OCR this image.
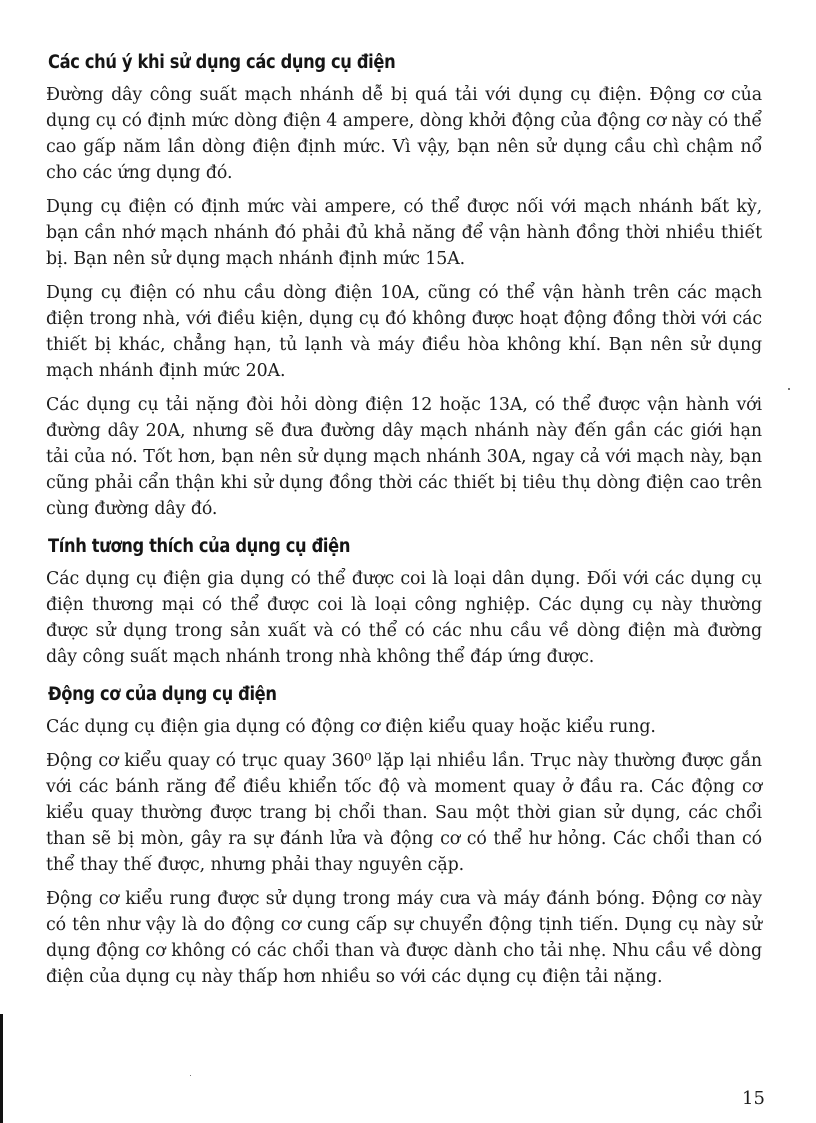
Các chú ý khi sử dụng các dụng cụ điện

Đường dây công suất mạch nhánh dễ bị quá tải với dụng cụ điện. Động cơ của dụng cụ có định mức dòng điện 4 ampere, dòng khởi động của động cơ này có thể cao gấp năm lần dòng điện định mức. Vì vậy, bạn nên sử dụng cầu chì chậm nổ cho các ứng dụng đó.

Dụng cụ điện có định mức vài ampere, có thể được nối với mạch nhánh bất kỳ, bạn cần nhớ mạch nhánh đó phải đủ khả năng để vận hành đồng thời nhiều thiết bị. Bạn nên sử dụng mạch nhánh định mức 15A.

Dụng cụ điện có nhu cầu dòng điện 10A, cũng có thể vận hành trên các mạch điện trong nhà, với điều kiện, dụng cụ đó không được hoạt động đồng thời với các thiết bị khác, chẳng hạn, tủ lạnh và máy điều hòa không khí. Bạn nên sử dụng mạch nhánh định mức 20A.

Các dụng cụ tải nặng đòi hỏi dòng điện 12 hoặc 13A, có thể được vận hành với đường dây 20A, nhưng sẽ đưa đường dây mạch nhánh này đến gần các giới hạn tải của nó. Tốt hơn, bạn nên sử dụng mạch nhánh 30A, ngay cả với mạch này, bạn cũng phải cẩn thận khi sử dụng đồng thời các thiết bị tiêu thụ dòng điện cao trên cùng đường dây đó.

Tính tương thích của dụng cụ điện

Các dụng cụ điện gia dụng có thể được coi là loại dân dụng. Đối với các dụng cụ điện thương mại có thể được coi là loại công nghiệp. Các dụng cụ này thường được sử dụng trong sản xuất và có thể có các nhu cầu về dòng điện mà đường dây công suất mạch nhánh trong nhà không thể đáp ứng được.

Động cơ của dụng cụ điện

Các dụng cụ điện gia dụng có động cơ điện kiểu quay hoặc kiểu rung.

Động cơ kiểu quay có trục quay 360⁰ lặp lại nhiều lần. Trục này thường được gắn với các bánh răng để điều khiển tốc độ và moment quay ở đầu ra. Các động cơ kiểu quay thường được trang bị chổi than. Sau một thời gian sử dụng, các chổi than sẽ bị mòn, gây ra sự đánh lửa và động cơ có thể hư hỏng. Các chổi than có thể thay thế được, nhưng phải thay nguyên cặp.

Động cơ kiểu rung được sử dụng trong máy cưa và máy đánh bóng. Động cơ này có tên như vậy là do động cơ cung cấp sự chuyển động tịnh tiến. Dụng cụ này sử dụng động cơ không có các chổi than và được dành cho tải nhẹ. Nhu cầu về dòng điện của dụng cụ này thấp hơn nhiều so với các dụng cụ điện tải nặng.

15
